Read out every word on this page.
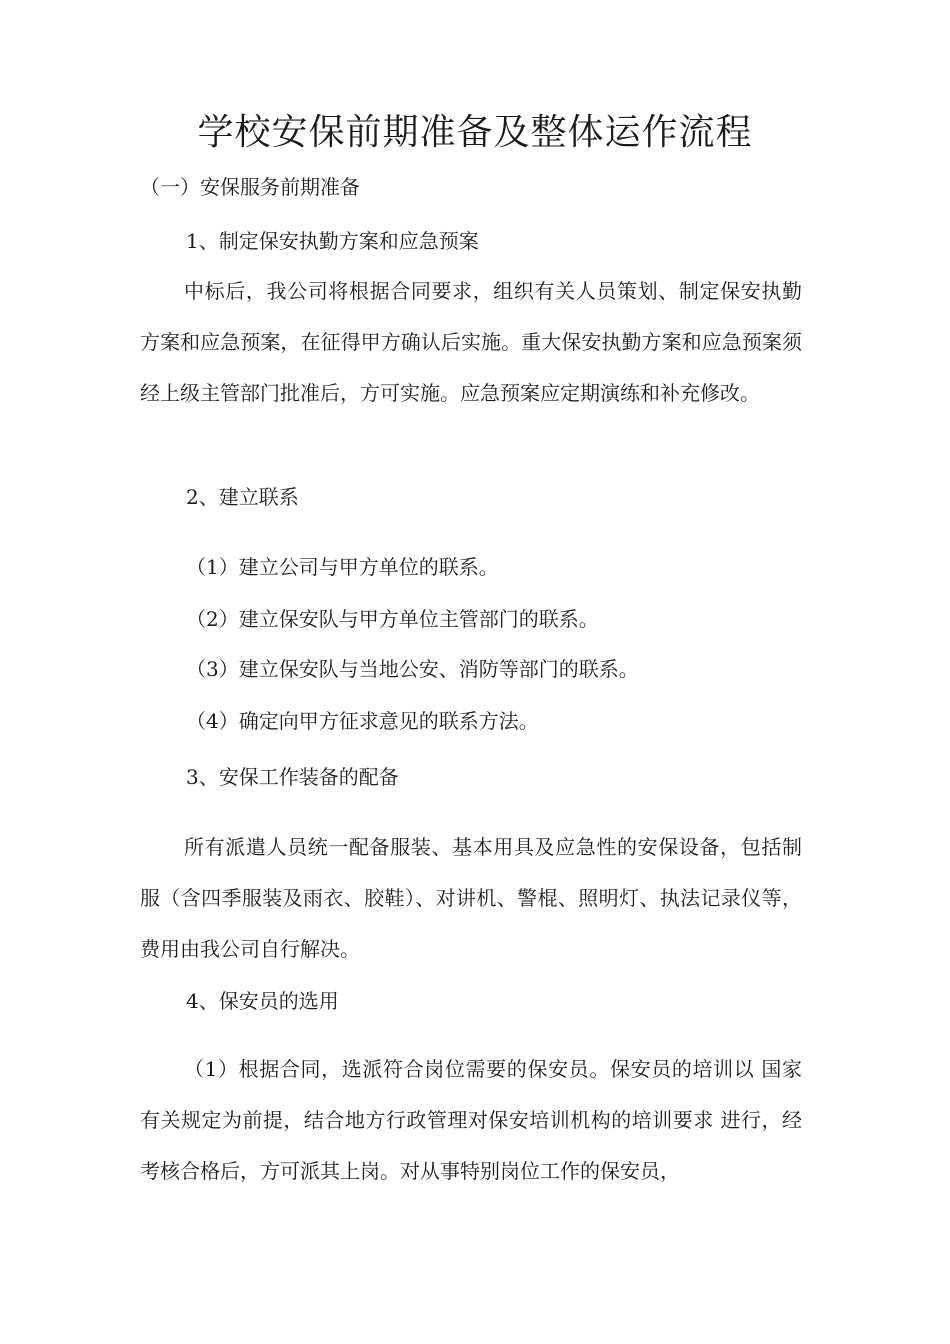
学校安保前期准备及整体运作流程

（一）安保服务前期准备

1、制定保安执勤方案和应急预案

中标后，我公司将根据合同要求，组织有关人员策划、制定保安执勤方案和应急预案，在征得甲方确认后实施。重大保安执勤方案和应急预案须经上级主管部门批准后，方可实施。应急预案应定期演练和补充修改。

2、建立联系

（1）建立公司与甲方单位的联系。

（2）建立保安队与甲方单位主管部门的联系。

（3）建立保安队与当地公安、消防等部门的联系。

（4）确定向甲方征求意见的联系方法。

3、安保工作装备的配备

所有派遣人员统一配备服装、基本用具及应急性的安保设备，包括制服（含四季服装及雨衣、胶鞋）、对讲机、警棍、照明灯、执法记录仪等，费用由我公司自行解决。

4、保安员的选用

（1）根据合同，选派符合岗位需要的保安员。保安员的培训以 国家有关规定为前提，结合地方行政管理对保安培训机构的培训要求 进行，经考核合格后，方可派其上岗。对从事特别岗位工作的保安员，
